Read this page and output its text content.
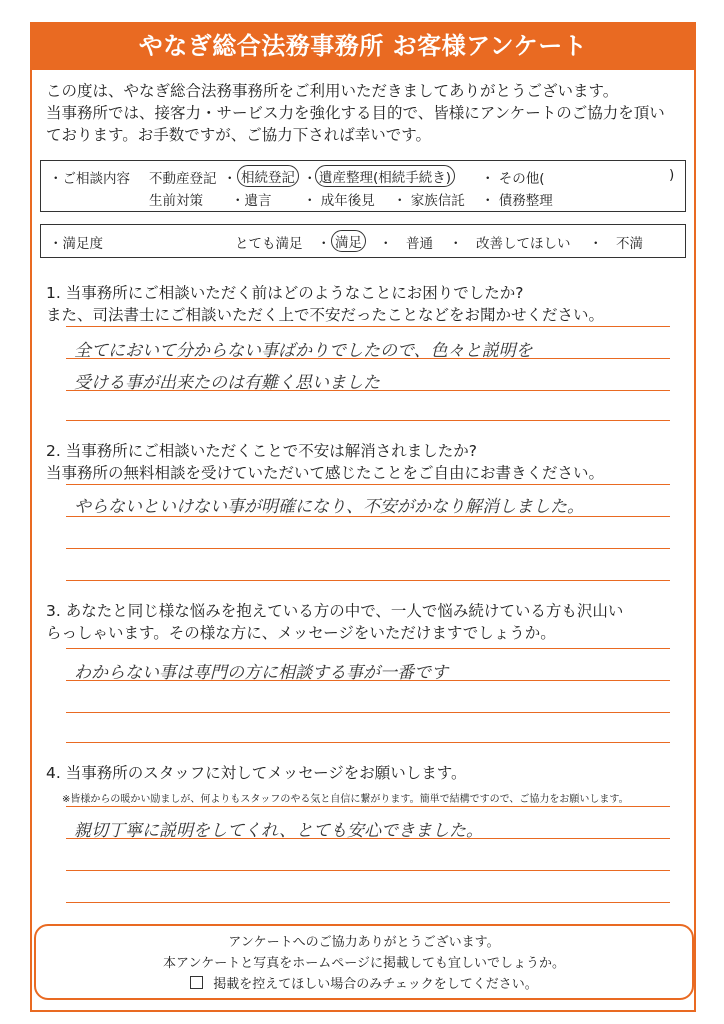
やなぎ総合法務事務所 お客様アンケート
この度は、やなぎ総合法務事務所をご利用いただきましてありがとうございます。
当事務所では、接客力・サービス力を強化する目的で、皆様にアンケートのご協力を頂い
ております。お手数ですが、ご協力下されば幸いです。
・ご相談内容 不動産登記 ・ 相続登記 ・ 遺産整理(相続手続き) ・ その他(	)
生前対策 ・遺言 ・ 成年後見 ・ 家族信託 ・ 債務整理
・満足度	とても満足 ・ 満足 ・　普通 ・　改善してほしい ・　不満
1. 当事務所にご相談いただく前はどのようなことにお困りでしたか?
また、司法書士にご相談いただく上で不安だったことなどをお聞かせください。
全てにおいて分からない事ばかりでしたので、色々と説明を
受ける事が出来たのは有難く思いました
2. 当事務所にご相談いただくことで不安は解消されましたか?
当事務所の無料相談を受けていただいて感じたことをご自由にお書きください。
やらないといけない事が明確になり、不安がかなり解消しました。
3. あなたと同じ様な悩みを抱えている方の中で、一人で悩み続けている方も沢山い
らっしゃいます。その様な方に、メッセージをいただけますでしょうか。
わからない事は専門の方に相談する事が一番です
4. 当事務所のスタッフに対してメッセージをお願いします。
※皆様からの暖かい励ましが、何よりもスタッフのやる気と自信に繋がります。簡単で結構ですので、ご協力をお願いします。
親切丁寧に説明をしてくれ、とても安心できました。
アンケートへのご協力ありがとうございます。
本アンケートと写真をホームページに掲載しても宜しいでしょうか。
掲載を控えてほしい場合のみチェックをしてください。
